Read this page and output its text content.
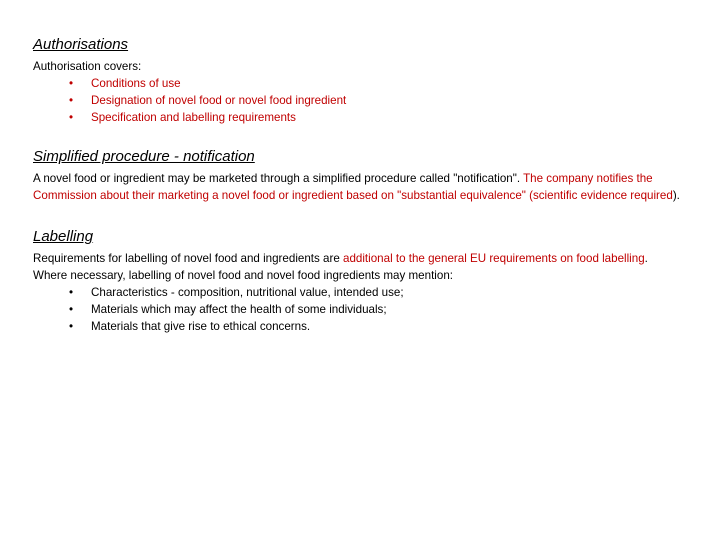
Authorisations

Authorisation covers:

• Conditions of use
• Designation of novel food or novel food ingredient
• Specification and labelling requirements
Simplified procedure - notification

A novel food or ingredient may be marketed through a simplified procedure called "notification". The company notifies the Commission about their marketing a novel food or ingredient based on "substantial equivalence" (scientific evidence required).

Labelling

Requirements for labelling of novel food and ingredients are additional to the general EU requirements on food labelling.

Where necessary, labelling of novel food and novel food ingredients may mention:

• Characteristics - composition, nutritional value, intended use;
• Materials which may affect the health of some individuals;
• Materials that give rise to ethical concerns.
